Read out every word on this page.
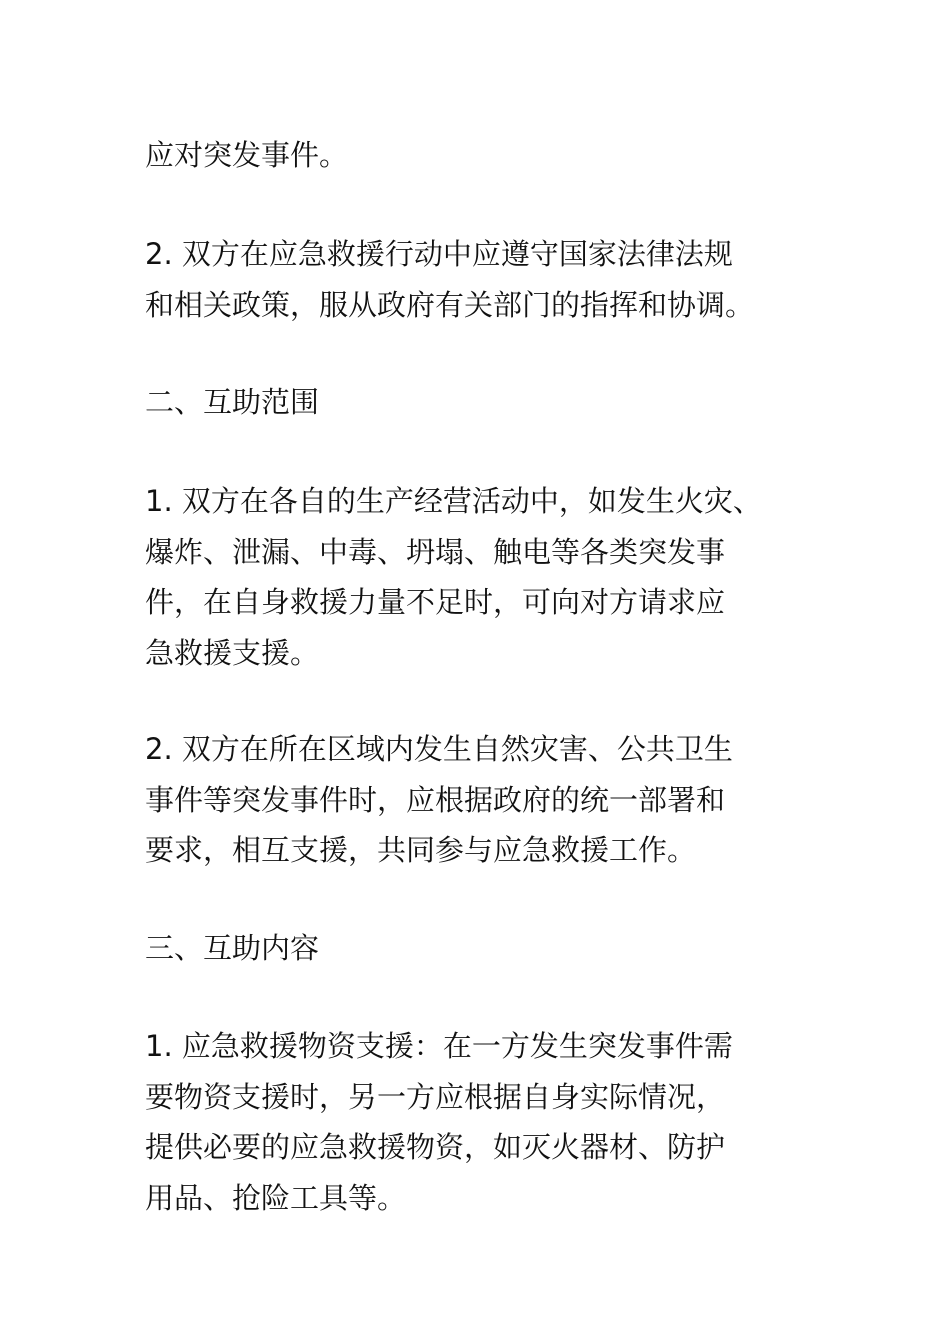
应对突发事件。

2. 双方在应急救援行动中应遵守国家法律法规
和相关政策，服从政府有关部门的指挥和协调。

二、互助范围

1. 双方在各自的生产经营活动中，如发生火灾、
爆炸、泄漏、中毒、坍塌、触电等各类突发事
件，在自身救援力量不足时，可向对方请求应
急救援支援。

2. 双方在所在区域内发生自然灾害、公共卫生
事件等突发事件时，应根据政府的统一部署和
要求，相互支援，共同参与应急救援工作。

三、互助内容

1. 应急救援物资支援：在一方发生突发事件需
要物资支援时，另一方应根据自身实际情况，
提供必要的应急救援物资，如灭火器材、防护
用品、抢险工具等。
